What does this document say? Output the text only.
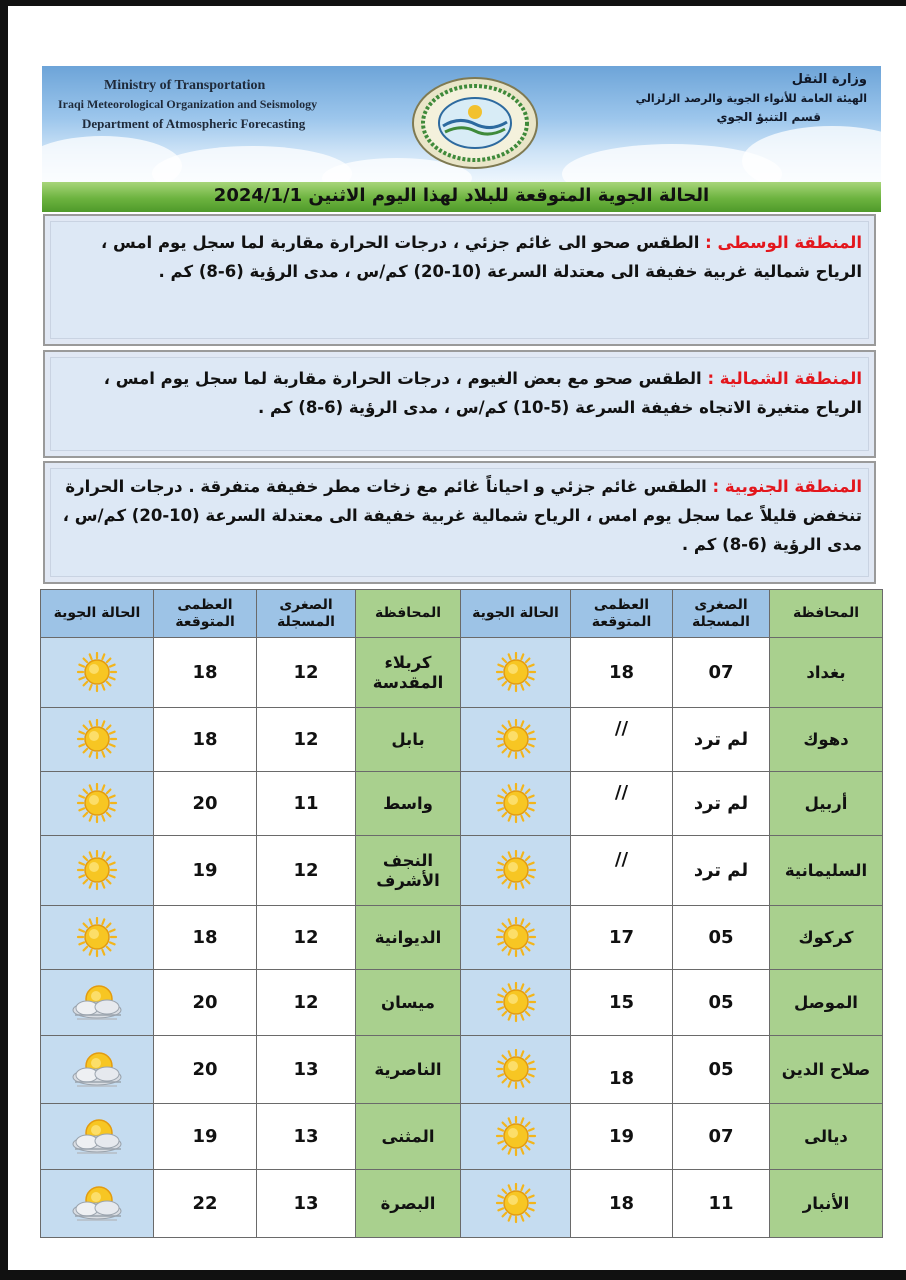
Ministry of Transportation
Iraqi Meteorological Organization and Seismology
Department of Atmospheric Forecasting
وزارة النقل
الهيئة العامة للأنواء الجوية والرصد الزلزالي
قسم التنبؤ الجوي
الحالة الجوية المتوقعة للبلاد لهذا اليوم الاثنين 2024/1/1
المنطقة الوسطى : الطقس صحو الى غائم جزئي ، درجات الحرارة مقاربة لما سجل يوم امس ، الرياح شمالية غربية خفيفة الى معتدلة السرعة (10-20) كم/س ، مدى الرؤية (6-8) كم .
المنطقة الشمالية : الطقس صحو مع بعض الغيوم ، درجات الحرارة مقاربة لما سجل يوم امس ، الرياح متغيرة الاتجاه خفيفة السرعة (5-10) كم/س ، مدى الرؤية (6-8) كم .
المنطقة الجنوبية : الطقس غائم جزئي و احياناً غائم مع زخات مطر خفيفة متفرقة . درجات الحرارة تنخفض قليلاً عما سجل يوم امس ، الرياح شمالية غربية خفيفة الى معتدلة السرعة (10-20) كم/س ، مدى الرؤية (6-8) كم .
الحالة الجوية	العظمى المتوقعة	الصغرى المسجلة	المحافظة	الحالة الجوية	العظمى المتوقعة	الصغرى المسجلة	المحافظة

	18	12	كربلاء المقدسة		18	07	بغداد

	18	12	بابل		//	لم ترد	دهوك

	20	11	واسط		//	لم ترد	أربيل

	19	12	النجف الأشرف		//	لم ترد	السليمانية

	18	12	الديوانية		17	05	كركوك

	20	12	ميسان		15	05	الموصل

	20	13	الناصرية		18	05	صلاح الدين

	19	13	المثنى		19	07	ديالى

	22	13	البصرة		18	11	الأنبار
